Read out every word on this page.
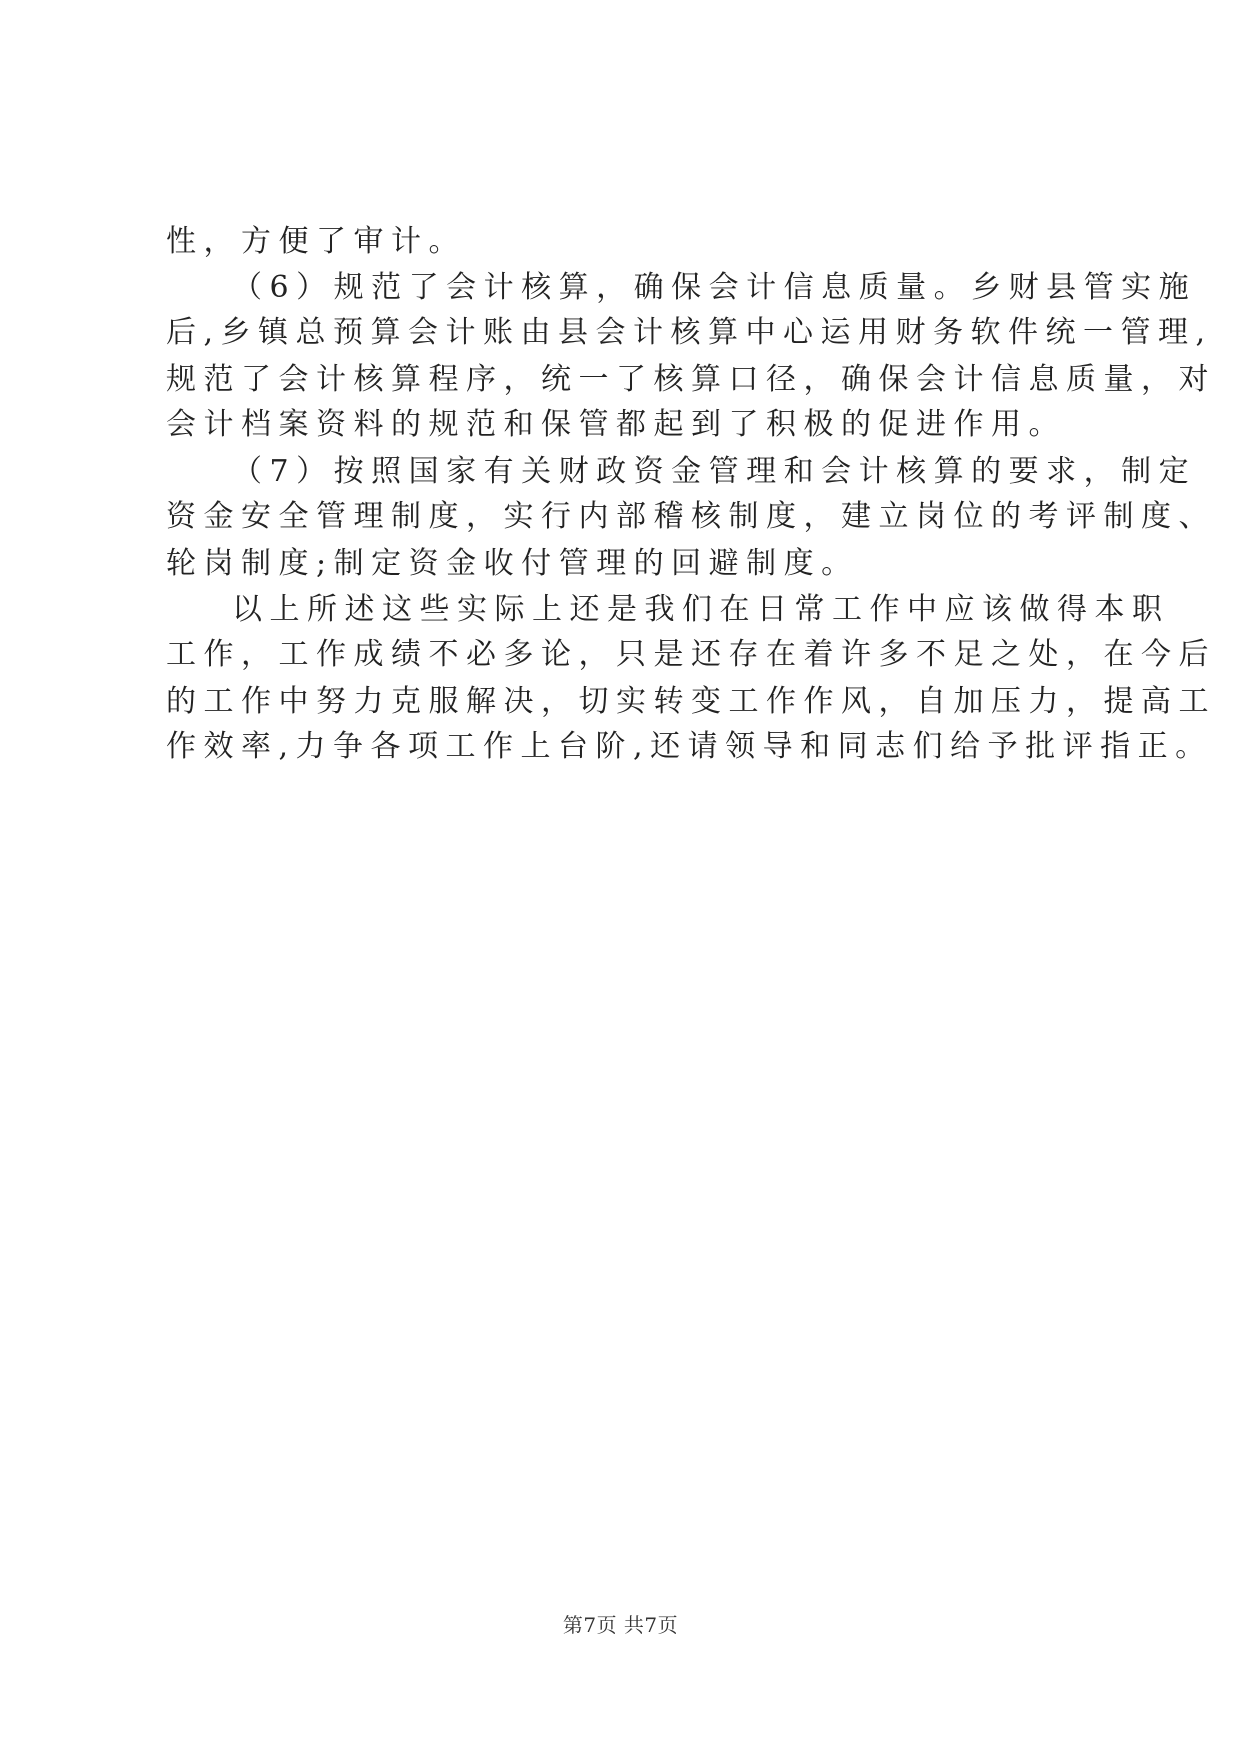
性，方便了审计。
（6）规范了会计核算，确保会计信息质量。乡财县管实施
后,乡镇总预算会计账由县会计核算中心运用财务软件统一管理,
规范了会计核算程序，统一了核算口径，确保会计信息质量，对
会计档案资料的规范和保管都起到了积极的促进作用。
（7）按照国家有关财政资金管理和会计核算的要求，制定
资金安全管理制度，实行内部稽核制度，建立岗位的考评制度、
轮岗制度;制定资金收付管理的回避制度。
以上所述这些实际上还是我们在日常工作中应该做得本职
工作，工作成绩不必多论，只是还存在着许多不足之处，在今后
的工作中努力克服解决，切实转变工作作风，自加压力，提高工
作效率,力争各项工作上台阶,还请领导和同志们给予批评指正。
第7页 共7页
